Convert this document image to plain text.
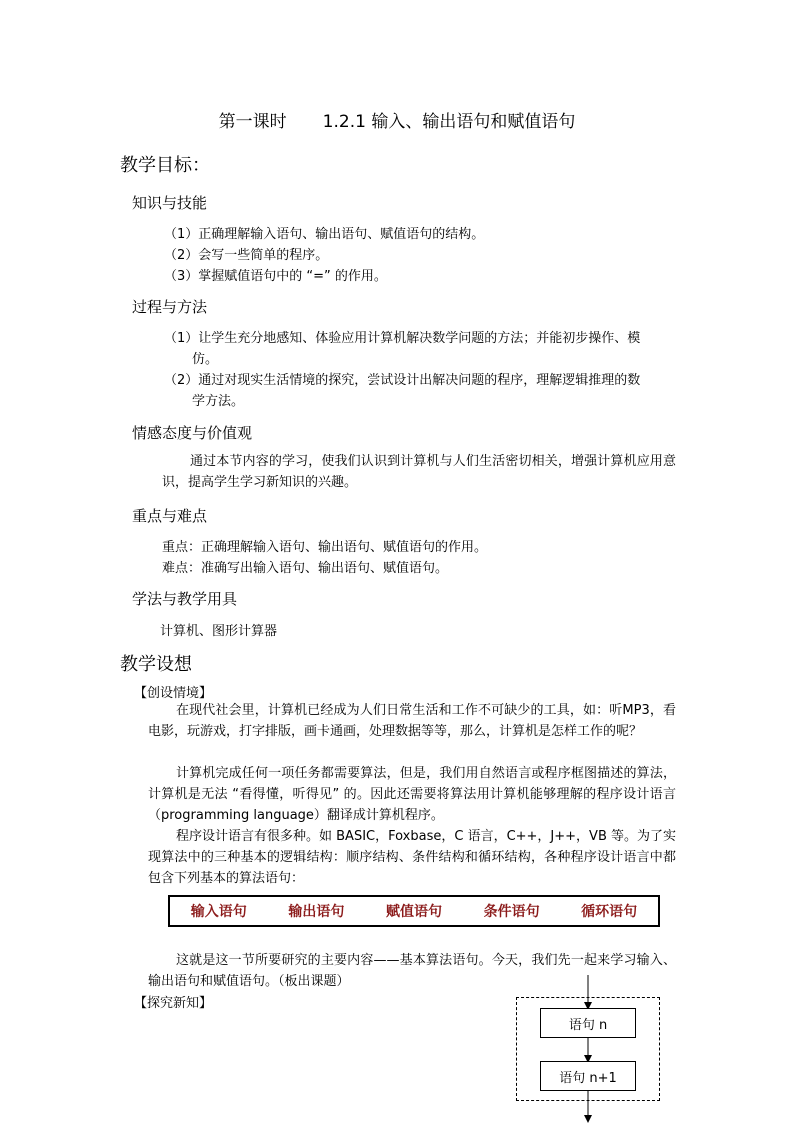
第一课时 1.2.1 输入、输出语句和赋值语句
教学目标：
知识与技能
（1）正确理解输入语句、输出语句、赋值语句的结构。
（2）会写一些简单的程序。
（3）掌握赋值语句中的 “=” 的作用。
过程与方法
（1）让学生充分地感知、体验应用计算机解决数学问题的方法；并能初步操作、模
仿。
（2）通过对现实生活情境的探究，尝试设计出解决问题的程序，理解逻辑推理的数
学方法。
情感态度与价值观
通过本节内容的学习，使我们认识到计算机与人们生活密切相关，增强计算机应用意识，提高学生学习新知识的兴趣。
重点与难点
重点：正确理解输入语句、输出语句、赋值语句的作用。
难点：准确写出输入语句、输出语句、赋值语句。
学法与教学用具
计算机、图形计算器
教学设想
【创设情境】
在现代社会里，计算机已经成为人们日常生活和工作不可缺少的工具，如：听MP3，看电影，玩游戏，打字排版，画卡通画，处理数据等等，那么，计算机是怎样工作的呢？
计算机完成任何一项任务都需要算法，但是，我们用自然语言或程序框图描述的算法，计算机是无法 “看得懂，听得见” 的。因此还需要将算法用计算机能够理解的程序设计语言（programming language）翻译成计算机程序。
程序设计语言有很多种。如 BASIC，Foxbase，C 语言，C++，J++，VB 等。为了实现算法中的三种基本的逻辑结构：顺序结构、条件结构和循环结构，各种程序设计语言中都包含下列基本的算法语句：
输入语句	输出语句	赋值语句	条件语句	循环语句
这就是这一节所要研究的主要内容——基本算法语句。今天，我们先一起来学习输入、输出语句和赋值语句。（板出课题）
【探究新知】
语句 n
语句 n+1
